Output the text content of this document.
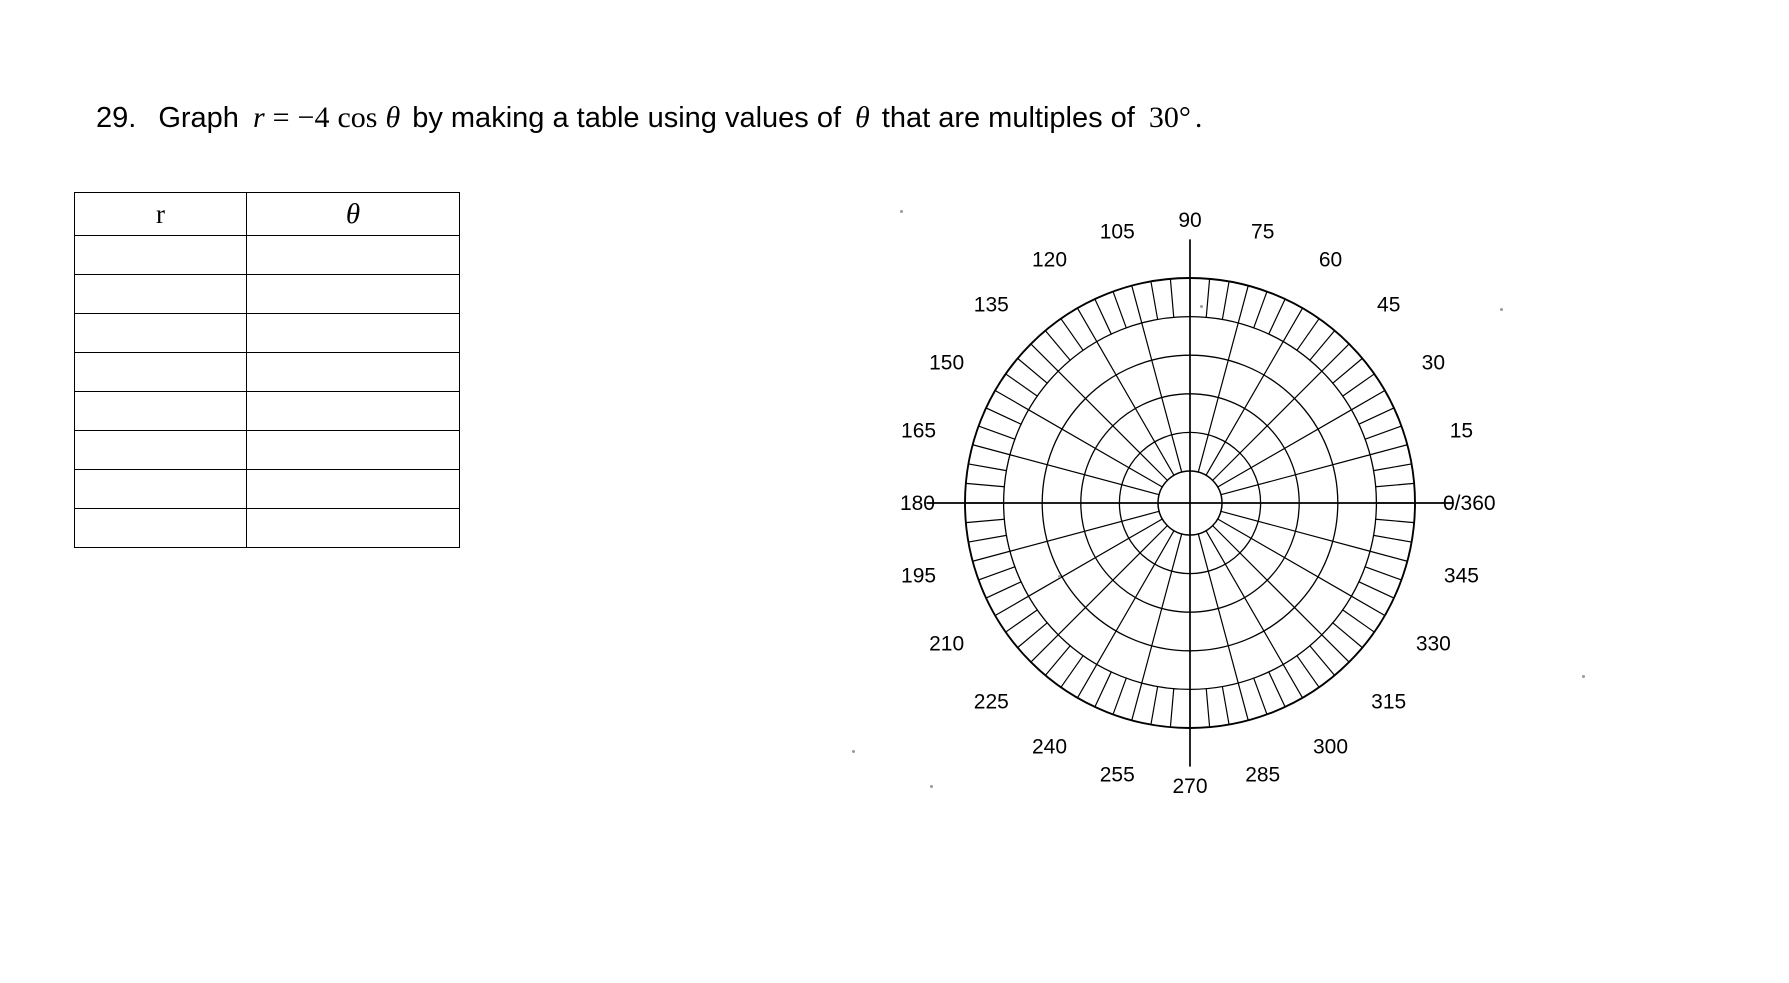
29. Graph r = −4 cos θ by making a table using values of θ that are multiples of 30° .
r	θ

0/360
15
30
45
60
75
90
105
120
135
150
165
180
195
210
225
240
255
270
285
300
315
330
345
